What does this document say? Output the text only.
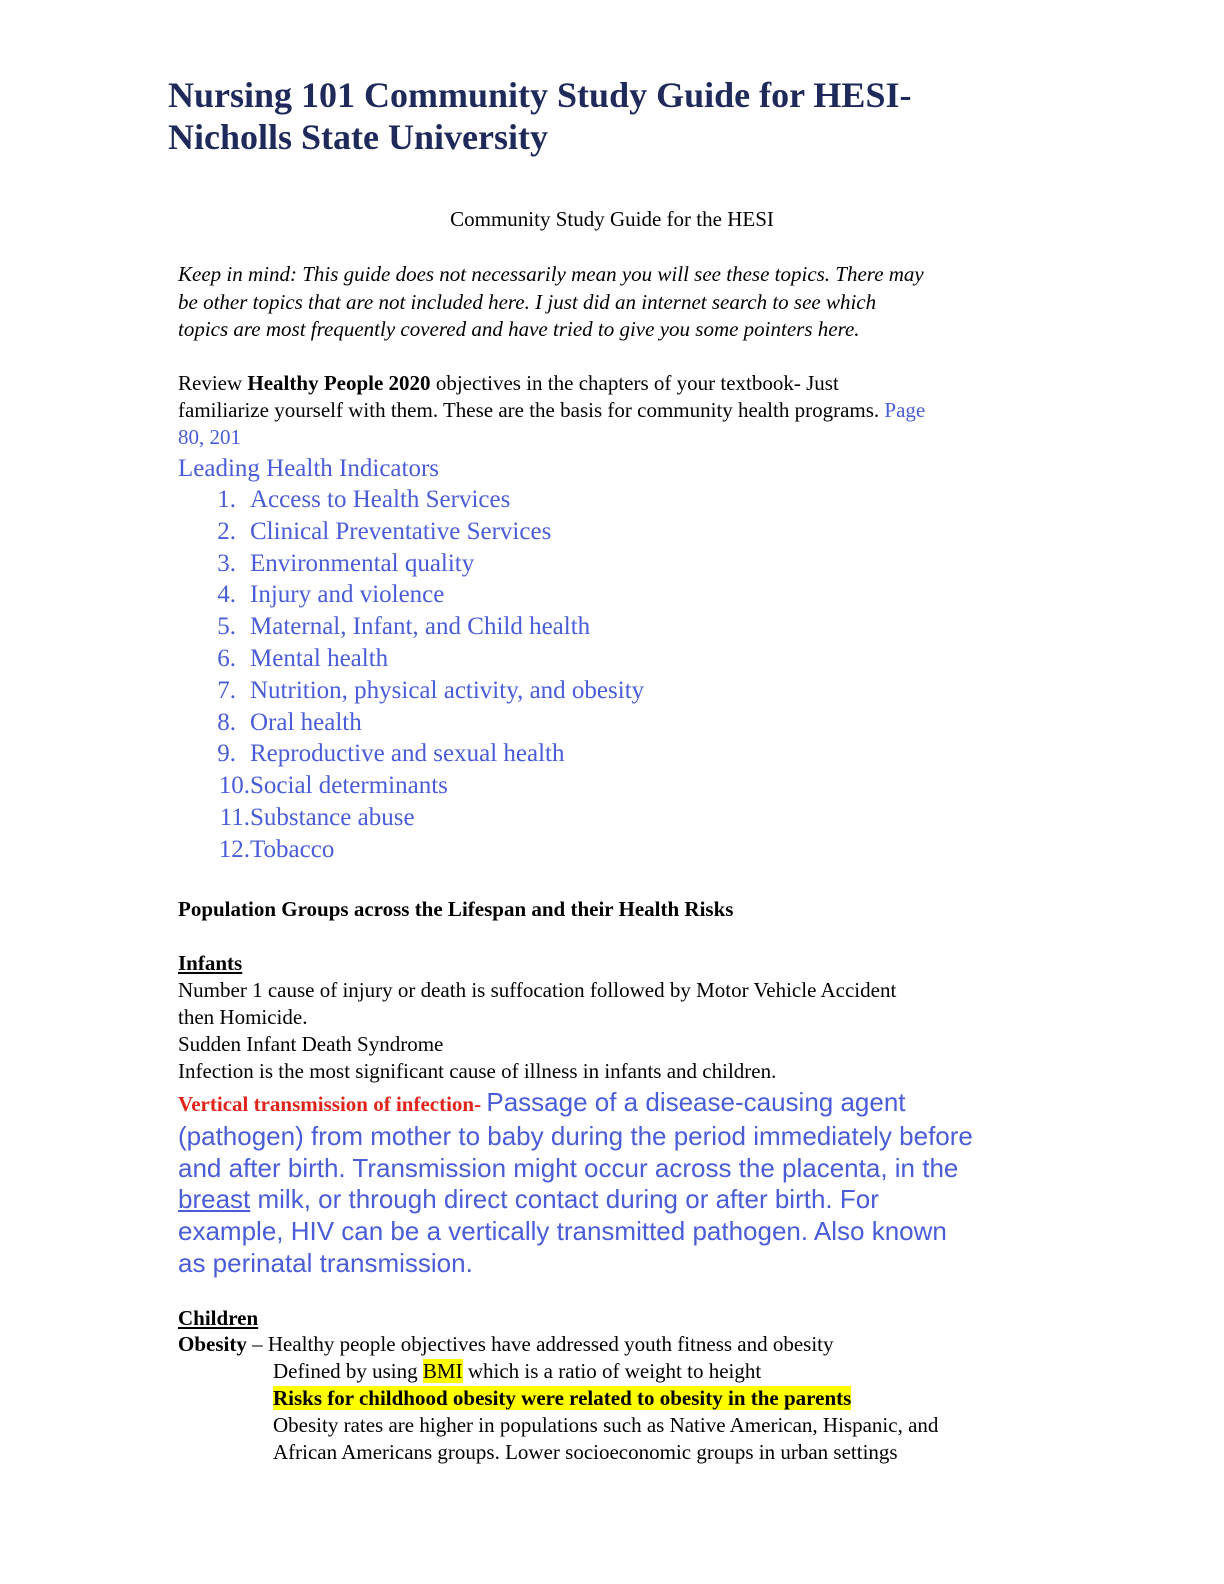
Nursing 101 Community Study Guide for HESI-
Nicholls State University
Community Study Guide for the HESI
Keep in mind: This guide does not necessarily mean you will see these topics. There may
be other topics that are not included here. I just did an internet search to see which
topics are most frequently covered and have tried to give you some pointers here.
Review Healthy People 2020 objectives in the chapters of your textbook- Just
familiarize yourself with them. These are the basis for community health programs. Page
80, 201
Leading Health Indicators
1. Access to Health Services
2. Clinical Preventative Services
3. Environmental quality
4. Injury and violence
5. Maternal, Infant, and Child health
6. Mental health
7. Nutrition, physical activity, and obesity
8. Oral health
9. Reproductive and sexual health
10.Social determinants
11.Substance abuse
12.Tobacco
Population Groups across the Lifespan and their Health Risks
Infants
Number 1 cause of injury or death is suffocation followed by Motor Vehicle Accident
then Homicide.
Sudden Infant Death Syndrome
Infection is the most significant cause of illness in infants and children.
Vertical transmission of infection- Passage of a disease-causing agent
(pathogen) from mother to baby during the period immediately before
and after birth. Transmission might occur across the placenta, in the
breast milk, or through direct contact during or after birth. For
example, HIV can be a vertically transmitted pathogen. Also known
as perinatal transmission.
Children
Obesity – Healthy people objectives have addressed youth fitness and obesity
Defined by using BMI which is a ratio of weight to height
Risks for childhood obesity were related to obesity in the parents
Obesity rates are higher in populations such as Native American, Hispanic, and
African Americans groups. Lower socioeconomic groups in urban settings
